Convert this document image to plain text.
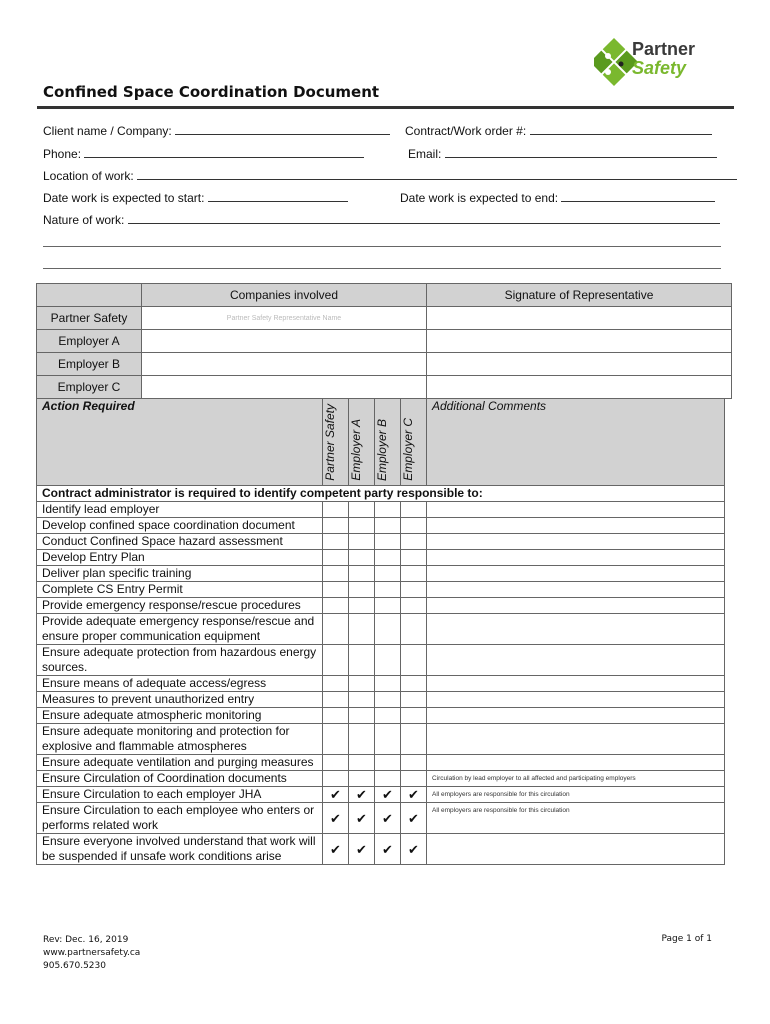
Partner
Safety
Confined Space Coordination Document
Client name / Company:	Contract/Work order #:
Phone:	Email:
Location of work:
Date work is expected to start:	Date work is expected to end:
Nature of work:
	Companies involved	Signature of Representative
Partner Safety	Partner Safety Representative Name	
Employer A		
Employer B		
Employer C		
Action Required	Partner Safety	Employer A	Employer B	Employer C	Additional Comments
Contract administrator is required to identify competent party responsible to:					
Identify lead employer					
Develop confined space coordination document					
Conduct Confined Space hazard assessment					
Develop Entry Plan					
Deliver plan specific training					
Complete CS Entry Permit					
Provide emergency response/rescue procedures					
Provide adequate emergency response/rescue and ensure proper communication equipment					
Ensure adequate protection from hazardous energy sources.					
Ensure means of adequate access/egress					
Measures to prevent unauthorized entry					
Ensure adequate atmospheric monitoring					
Ensure adequate monitoring and protection for explosive and flammable atmospheres					
Ensure adequate ventilation and purging measures					
Ensure Circulation of Coordination documents					Circulation by lead employer to all affected and participating employers
Ensure Circulation to each employer JHA	✔	✔	✔	✔	All employers are responsible for this circulation
Ensure Circulation to each employee who enters or performs related work	✔	✔	✔	✔	All employers are responsible for this circulation
Ensure everyone involved understand that work will be suspended if unsafe work conditions arise	✔	✔	✔	✔	
Rev: Dec. 16, 2019
www.partnersafety.ca
905.670.5230
Page 1 of 1
